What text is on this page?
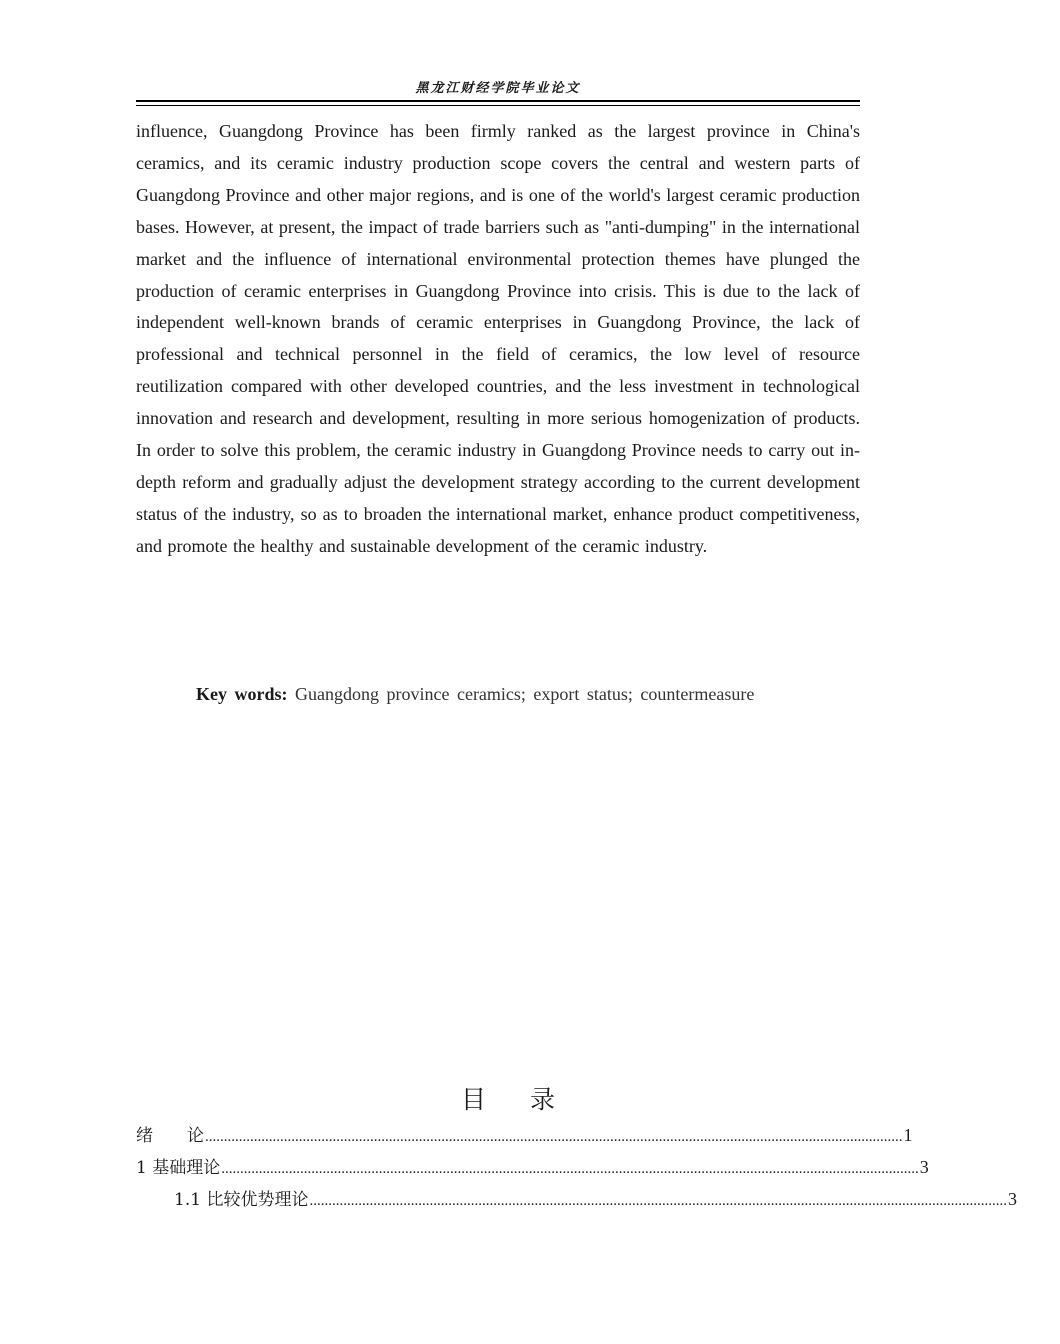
黑龙江财经学院毕业论文

influence, Guangdong Province has been firmly ranked as the largest province in China's ceramics, and its ceramic industry production scope covers the central and western parts of Guangdong Province and other major regions, and is one of the world's largest ceramic production bases. However, at present, the impact of trade barriers such as "anti-dumping" in the international market and the influence of international environmental protection themes have plunged the production of ceramic enterprises in Guangdong Province into crisis. This is due to the lack of independent well-known brands of ceramic enterprises in Guangdong Province, the lack of professional and technical personnel in the field of ceramics, the low level of resource reutilization compared with other developed countries, and the less investment in technological innovation and research and development, resulting in more serious homogenization of products. In order to solve this problem, the ceramic industry in Guangdong Province needs to carry out in-depth reform and gradually adjust the development strategy according to the current development status of the industry, so as to broaden the international market, enhance product competitiveness, and promote the healthy and sustainable development of the ceramic industry.

Key words: Guangdong province ceramics; export status; countermeasure
目录
绪　　论 .......................................................................................................................................................................................... 1
1 基础理论 .......................................................................................................................................................................................... 3
1.1 比较优势理论 .......................................................................................................................................................................................... 3
